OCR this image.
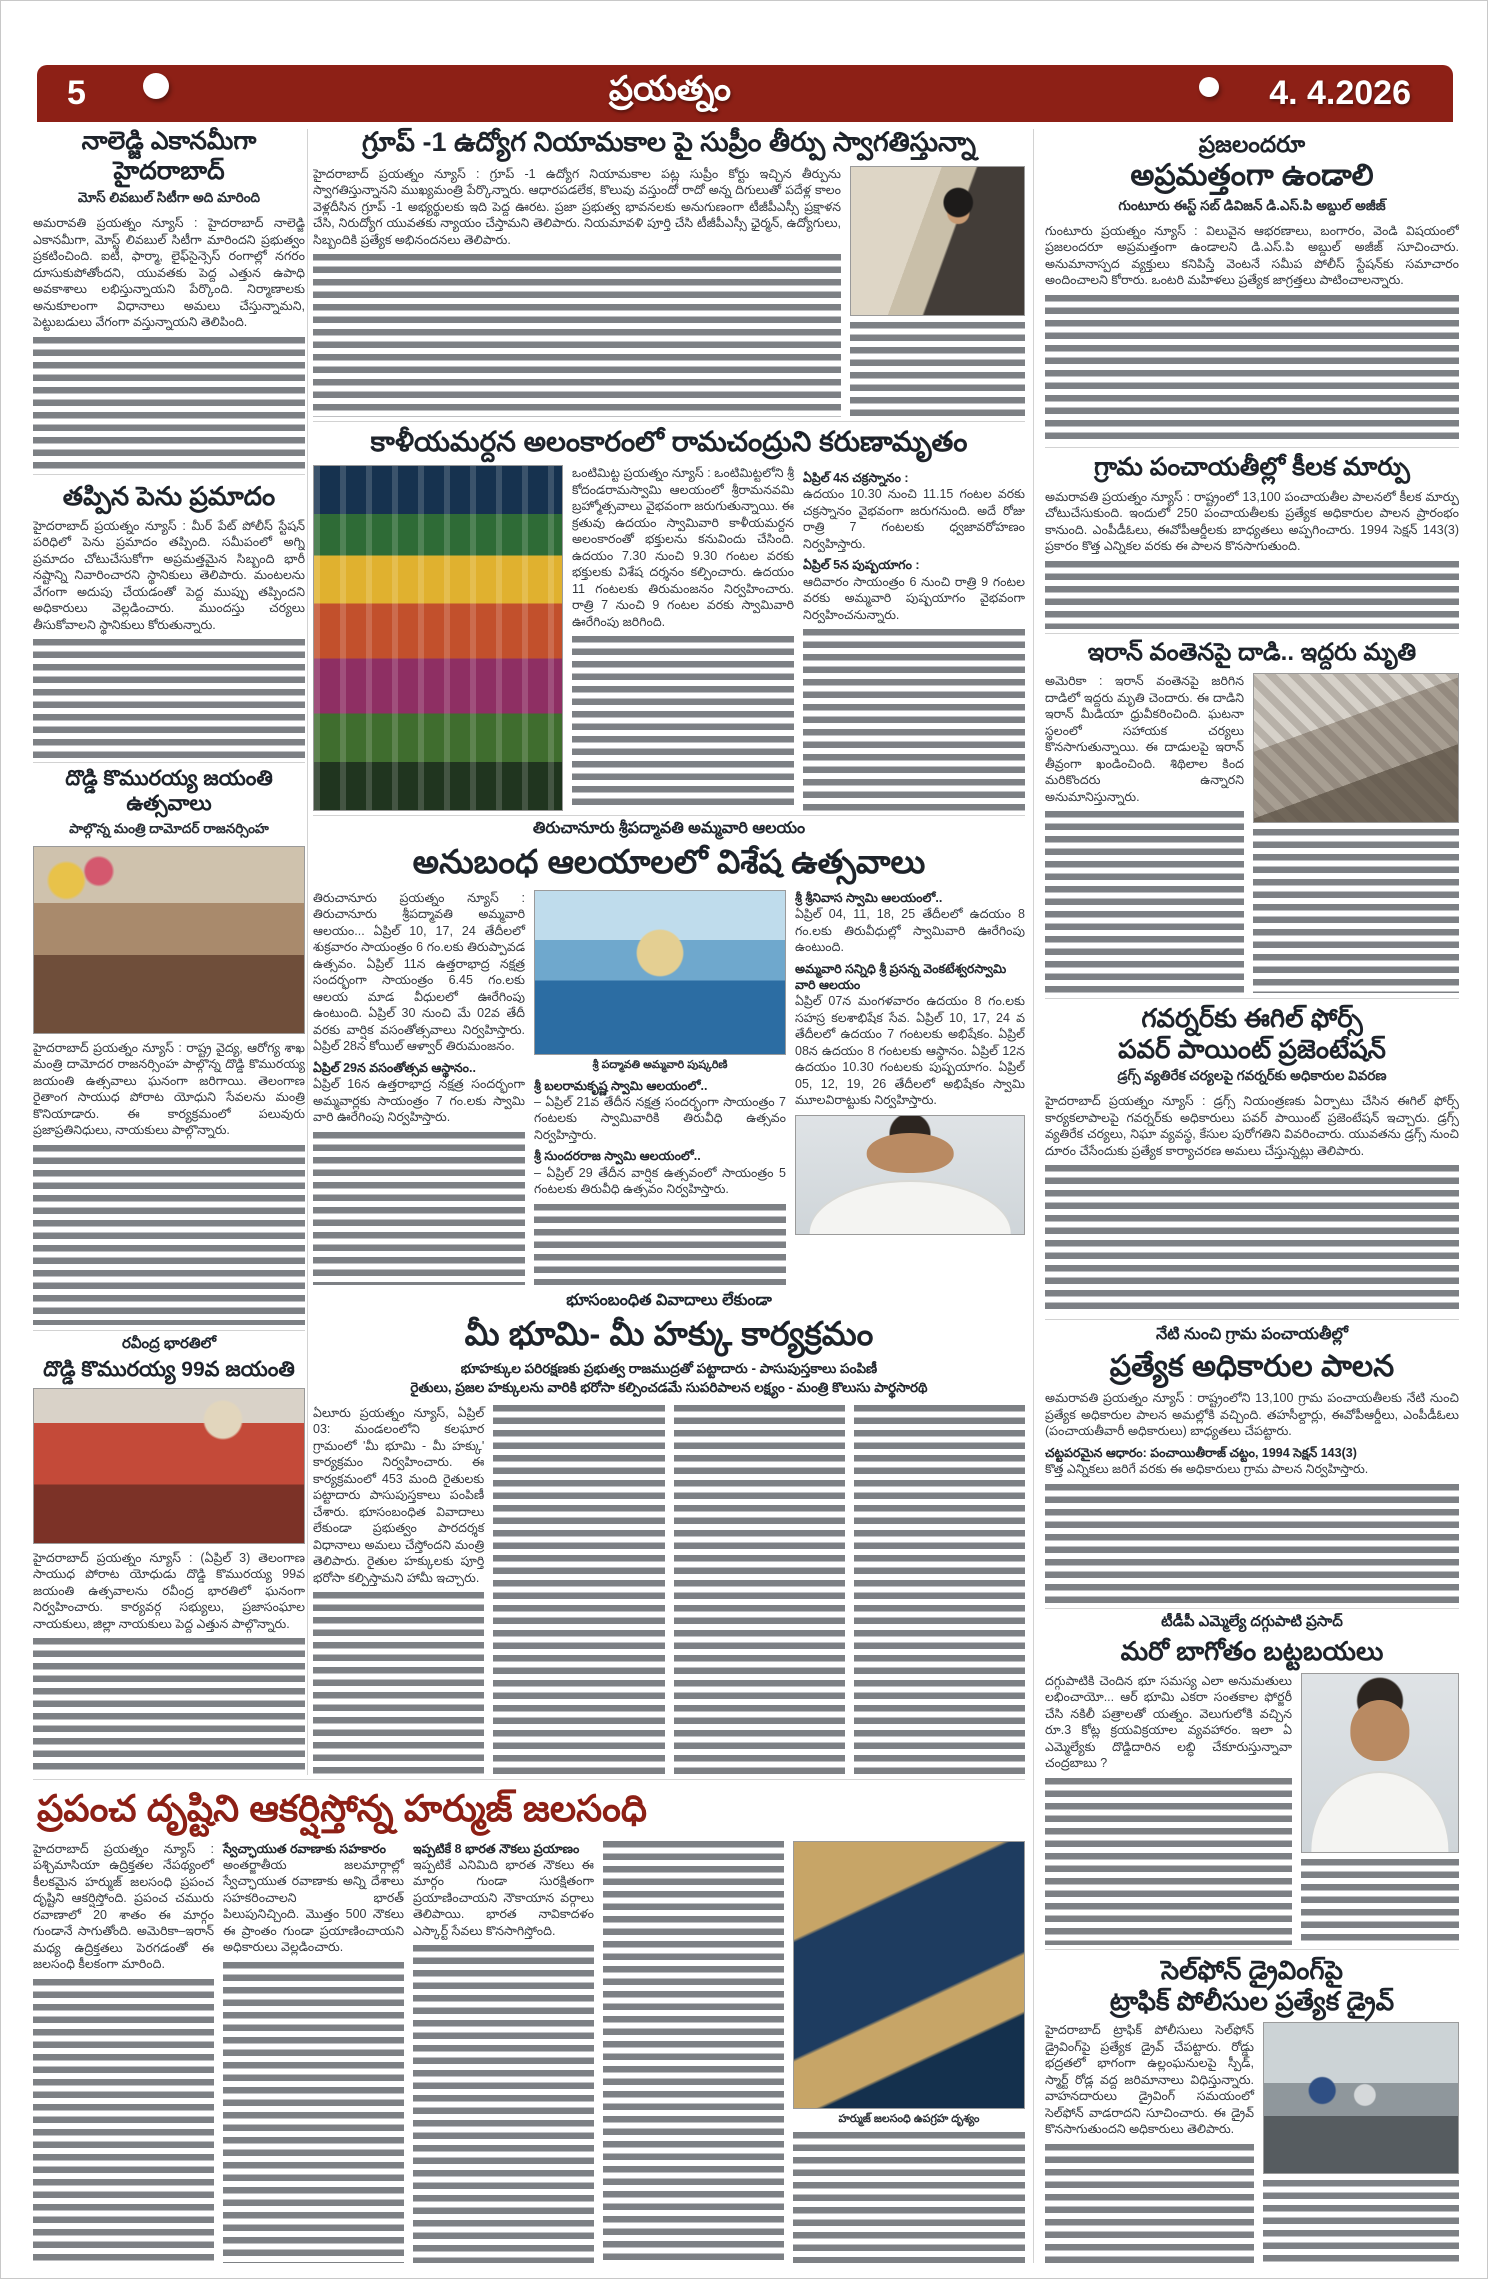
5	ప్రయత్నం	4. 4.2026
నాలెడ్జి ఎకానమీగా హైదరాబాద్
మోస్ లివబుల్ సిటీగా అది మారింది
అమరావతి ప్రయత్నం న్యూస్ : హైదరాబాద్ నాలెడ్జి ఎకానమీగా, మోస్ట్ లివబుల్ సిటీగా మారిందని ప్రభుత్వం ప్రకటించింది. ఐటీ, ఫార్మా, లైఫ్‌సైన్సెస్ రంగాల్లో నగరం దూసుకుపోతోందని, యువతకు పెద్ద ఎత్తున ఉపాధి అవకాశాలు లభిస్తున్నాయని పేర్కొంది. నిర్మాణాలకు అనుకూలంగా విధానాలు అమలు చేస్తున్నామని, పెట్టుబడులు వేగంగా వస్తున్నాయని తెలిపింది.
తప్పిన పెను ప్రమాదం
హైదరాబాద్ ప్రయత్నం న్యూస్ : మీర్ పేట్ పోలీస్ స్టేషన్ పరిధిలో పెను ప్రమాదం తప్పింది. సమీపంలో అగ్ని ప్రమాదం చోటుచేసుకోగా అప్రమత్తమైన సిబ్బంది భారీ నష్టాన్ని నివారించారని స్థానికులు తెలిపారు. మంటలను వేగంగా అదుపు చేయడంతో పెద్ద ముప్పు తప్పిందని అధికారులు వెల్లడించారు. ముందస్తు చర్యలు తీసుకోవాలని స్థానికులు కోరుతున్నారు.
దొడ్డి కొమురయ్య జయంతి ఉత్సవాలు
పాల్గొన్న మంత్రి దామోదర్ రాజనర్సింహ
హైదరాబాద్ ప్రయత్నం న్యూస్ : రాష్ట్ర వైద్య, ఆరోగ్య శాఖ మంత్రి దామోదర రాజనర్సింహ పాల్గొన్న దొడ్డి కొమురయ్య జయంతి ఉత్సవాలు ఘనంగా జరిగాయి. తెలంగాణ రైతాంగ సాయుధ పోరాట యోధుని సేవలను మంత్రి కొనియాడారు. ఈ కార్యక్రమంలో పలువురు ప్రజాప్రతినిధులు, నాయకులు పాల్గొన్నారు.
రవీంద్ర భారతిలో
దొడ్డి కొమురయ్య 99వ జయంతి
హైదరాబాద్ ప్రయత్నం న్యూస్ : (ఏప్రిల్ 3) తెలంగాణ సాయుధ పోరాట యోధుడు దొడ్డి కొమురయ్య 99వ జయంతి ఉత్సవాలను రవీంద్ర భారతిలో ఘనంగా నిర్వహించారు. కార్యవర్గ సభ్యులు, ప్రజాసంఘాల నాయకులు, జిల్లా నాయకులు పెద్ద ఎత్తున పాల్గొన్నారు.
గ్రూప్ -1 ఉద్యోగ నియామకాల పై సుప్రీం తీర్పు స్వాగతిస్తున్నా
హైదరాబాద్ ప్రయత్నం న్యూస్ : గ్రూప్ -1 ఉద్యోగ నియామకాల పట్ల సుప్రీం కోర్టు ఇచ్చిన తీర్పును స్వాగతిస్తున్నానని ముఖ్యమంత్రి పేర్కొన్నారు. ఆధారపడలేక, కొలువు వస్తుందో రాదో అన్న దిగులుతో పదేళ్ల కాలం వెళ్లదీసిన గ్రూప్ -1 అభ్యర్థులకు ఇది పెద్ద ఊరట. ప్రజా ప్రభుత్వ భావనలకు అనుగుణంగా టీజీపీఎస్సీ ప్రక్షాళన చేసి, నిరుద్యోగ యువతకు న్యాయం చేస్తామని తెలిపారు. నియమావళి పూర్తి చేసి టీజీపీఎస్సీ ఛైర్మన్, ఉద్యోగులు, సిబ్బందికి ప్రత్యేక అభినందనలు తెలిపారు.
కాళీయమర్దన అలంకారంలో రామచంద్రుని కరుణామృతం
ఒంటిమిట్ట ప్రయత్నం న్యూస్ : ఒంటిమిట్టలోని శ్రీ కోదండరామస్వామి ఆలయంలో శ్రీరామనవమి బ్రహ్మోత్సవాలు వైభవంగా జరుగుతున్నాయి. ఈ క్రతువు ఉదయం స్వామివారి కాళీయమర్దన అలంకారంతో భక్తులను కనువిందు చేసింది. ఉదయం 7.30 నుంచి 9.30 గంటల వరకు భక్తులకు విశేష దర్శనం కల్పించారు. ఉదయం 11 గంటలకు తిరుమంజనం నిర్వహించారు. రాత్రి 7 నుంచి 9 గంటల వరకు స్వామివారి ఊరేగింపు జరిగింది.
ఏప్రిల్ 4న చక్రస్నానం :
ఉదయం 10.30 నుంచి 11.15 గంటల వరకు చక్రస్నానం వైభవంగా జరుగనుంది. అదే రోజు రాత్రి 7 గంటలకు ధ్వజావరోహణం నిర్వహిస్తారు.
ఏప్రిల్ 5న పుష్పయాగం :
ఆదివారం సాయంత్రం 6 నుంచి రాత్రి 9 గంటల వరకు అమ్మవారి పుష్పయాగం వైభవంగా నిర్వహించనున్నారు.
తిరుచానూరు శ్రీపద్మావతి అమ్మవారి ఆలయం
అనుబంధ ఆలయాలలో విశేష ఉత్సవాలు
తిరుచానూరు ప్రయత్నం న్యూస్ : తిరుచానూరు శ్రీపద్మావతి అమ్మవారి ఆలయం... ఏప్రిల్ 10, 17, 24 తేదీలలో శుక్రవారం సాయంత్రం 6 గం.లకు తిరుప్పావడ ఉత్సవం. ఏప్రిల్ 11న ఉత్తరాభాద్ర నక్షత్ర సందర్భంగా సాయంత్రం 6.45 గం.లకు ఆలయ మాడ వీధులలో ఊరేగింపు ఉంటుంది. ఏప్రిల్ 30 నుంచి మే 02వ తేదీ వరకు వార్షిక వసంతోత్సవాలు నిర్వహిస్తారు. ఏప్రిల్ 28న కోయిల్ ఆళ్వార్ తిరుమంజనం.
ఏప్రిల్ 29న వసంతోత్సవ ఆస్థానం..
ఏప్రిల్ 16న ఉత్తరాభాద్ర నక్షత్ర సందర్భంగా అమ్మవార్లకు సాయంత్రం 7 గం.లకు స్వామి వారి ఊరేగింపు నిర్వహిస్తారు.
శ్రీ పద్మావతి అమ్మవారి పుష్కరిణి
శ్రీ బలరామకృష్ణ స్వామి ఆలయంలో..
– ఏప్రిల్ 21వ తేదీన నక్షత్ర సందర్భంగా సాయంత్రం 7 గంటలకు స్వామివారికి తిరువీధి ఉత్సవం నిర్వహిస్తారు.
శ్రీ సుందరరాజ స్వామి ఆలయంలో..
– ఏప్రిల్ 29 తేదీన వార్షిక ఉత్సవంలో సాయంత్రం 5 గంటలకు తిరువీధి ఉత్సవం నిర్వహిస్తారు.
శ్రీ శ్రీనివాస స్వామి ఆలయంలో..
ఏప్రిల్ 04, 11, 18, 25 తేదీలలో ఉదయం 8 గం.లకు తిరువీధుల్లో స్వామివారి ఊరేగింపు ఉంటుంది.
అమ్మవారి సన్నిధి శ్రీ ప్రసన్న వెంకటేశ్వరస్వామి వారి ఆలయం
ఏప్రిల్ 07న మంగళవారం ఉదయం 8 గం.లకు సహస్ర కలశాభిషేక సేవ. ఏప్రిల్ 10, 17, 24 వ తేదీలలో ఉదయం 7 గంటలకు అభిషేకం. ఏప్రిల్ 08న ఉదయం 8 గంటలకు ఆస్థానం. ఏప్రిల్ 12న ఉదయం 10.30 గంటలకు పుష్పయాగం. ఏప్రిల్ 05, 12, 19, 26 తేదీలలో అభిషేకం స్వామి మూలవిరాట్టుకు నిర్వహిస్తారు.
భూసంబంధిత వివాదాలు లేకుండా
మీ భూమి- మీ హక్కు కార్యక్రమం
భూహక్కుల పరిరక్షణకు ప్రభుత్వ రాజముద్రతో పట్టాదారు - పాసుపుస్తకాలు పంపిణీ
రైతులు, ప్రజల హక్కులను వారికి భరోసా కల్పించడమే సుపరిపాలన లక్ష్యం - మంత్రి కొలుసు పార్థసారథి
ఏలూరు ప్రయత్నం న్యూస్, ఏప్రిల్ 03: మండలంలోని కలఘార గ్రామంలో 'మీ భూమి - మీ హక్కు' కార్యక్రమం నిర్వహించారు. ఈ కార్యక్రమంలో 453 మంది రైతులకు పట్టాదారు పాసుపుస్తకాలు పంపిణీ చేశారు. భూసంబంధిత వివాదాలు లేకుండా ప్రభుత్వం పారదర్శక విధానాలు అమలు చేస్తోందని మంత్రి తెలిపారు. రైతుల హక్కులకు పూర్తి భరోసా కల్పిస్తామని హామీ ఇచ్చారు.
ప్రపంచ దృష్టిని ఆకర్షిస్తోన్న హర్ముజ్ జలసంధి
హైదరాబాద్ ప్రయత్నం న్యూస్ : పశ్చిమాసియా ఉద్రిక్తతల నేపథ్యంలో కీలకమైన హర్ముజ్ జలసంధి ప్రపంచ దృష్టిని ఆకర్షిస్తోంది. ప్రపంచ చమురు రవాణాలో 20 శాతం ఈ మార్గం గుండానే సాగుతోంది. అమెరికా–ఇరాన్ మధ్య ఉద్రిక్తతలు పెరగడంతో ఈ జలసంధి కీలకంగా మారింది.
స్వేచ్ఛాయుత రవాణాకు సహకారం
అంతర్జాతీయ జలమార్గాల్లో స్వేచ్ఛాయుత రవాణాకు అన్ని దేశాలు సహకరించాలని భారత్ పిలుపునిచ్చింది. మొత్తం 500 నౌకలు ఈ ప్రాంతం గుండా ప్రయాణించాయని అధికారులు వెల్లడించారు.
ఇప్పటికే 8 భారత నౌకలు ప్రయాణం
ఇప్పటికే ఎనిమిది భారత నౌకలు ఈ మార్గం గుండా సురక్షితంగా ప్రయాణించాయని నౌకాయాన వర్గాలు తెలిపాయి. భారత నావికాదళం ఎస్కార్ట్ సేవలు కొనసాగిస్తోంది.
హర్ముజ్ జలసంధి ఉపగ్రహ దృశ్యం
ప్రజలందరూ
అప్రమత్తంగా ఉండాలి
గుంటూరు ఈస్ట్ సబ్ డివిజన్ డి.ఎస్.పి అబ్దుల్ అజీజ్
గుంటూరు ప్రయత్నం న్యూస్ : విలువైన ఆభరణాలు, బంగారం, వెండి విషయంలో ప్రజలందరూ అప్రమత్తంగా ఉండాలని డి.ఎస్.పి అబ్దుల్ అజీజ్ సూచించారు. అనుమానాస్పద వ్యక్తులు కనిపిస్తే వెంటనే సమీప పోలీస్ స్టేషన్‌కు సమాచారం అందించాలని కోరారు. ఒంటరి మహిళలు ప్రత్యేక జాగ్రత్తలు పాటించాలన్నారు.
గ్రామ పంచాయతీల్లో కీలక మార్పు
అమరావతి ప్రయత్నం న్యూస్ : రాష్ట్రంలో 13,100 పంచాయతీల పాలనలో కీలక మార్పు చోటుచేసుకుంది. ఇందులో 250 పంచాయతీలకు ప్రత్యేక అధికారుల పాలన ప్రారంభం కానుంది. ఎంపీడీఓలు, ఈవోపీఆర్డీలకు బాధ్యతలు అప్పగించారు. 1994 సెక్షన్ 143(3) ప్రకారం కొత్త ఎన్నికల వరకు ఈ పాలన కొనసాగుతుంది.
ఇరాన్ వంతెనపై దాడి.. ఇద్దరు మృతి
అమెరికా : ఇరాన్ వంతెనపై జరిగిన దాడిలో ఇద్దరు మృతి చెందారు. ఈ దాడిని ఇరాన్ మీడియా ధ్రువీకరించింది. ఘటనా స్థలంలో సహాయక చర్యలు కొనసాగుతున్నాయి. ఈ దాడులపై ఇరాన్ తీవ్రంగా ఖండించింది. శిథిలాల కింద మరికొందరు ఉన్నారని అనుమానిస్తున్నారు.
గవర్నర్‌కు ఈగిల్ ఫోర్స్
పవర్ పాయింట్ ప్రజెంటేషన్
డ్రగ్స్ వ్యతిరేక చర్యలపై గవర్నర్‌కు అధికారుల వివరణ
హైదరాబాద్ ప్రయత్నం న్యూస్ : డ్రగ్స్ నియంత్రణకు ఏర్పాటు చేసిన ఈగిల్ ఫోర్స్ కార్యకలాపాలపై గవర్నర్‌కు అధికారులు పవర్ పాయింట్ ప్రజెంటేషన్ ఇచ్చారు. డ్రగ్స్ వ్యతిరేక చర్యలు, నిఘా వ్యవస్థ, కేసుల పురోగతిని వివరించారు. యువతను డ్రగ్స్ నుంచి దూరం చేసేందుకు ప్రత్యేక కార్యాచరణ అమలు చేస్తున్నట్లు తెలిపారు.
నేటి నుంచి గ్రామ పంచాయతీల్లో
ప్రత్యేక అధికారుల పాలన
అమరావతి ప్రయత్నం న్యూస్ : రాష్ట్రంలోని 13,100 గ్రామ పంచాయతీలకు నేటి నుంచి ప్రత్యేక అధికారుల పాలన అమల్లోకి వచ్చింది. తహసీల్దార్లు, ఈవోపీఆర్డీలు, ఎంపీడీఓలు (పంచాయతీవారీ అధికారులు) బాధ్యతలు చేపట్టారు.
చట్టపరమైన ఆధారం: పంచాయితీరాజ్ చట్టం, 1994 సెక్షన్ 143(3)
కొత్త ఎన్నికలు జరిగే వరకు ఈ అధికారులు గ్రామ పాలన నిర్వహిస్తారు.
టీడీపీ ఎమ్మెల్యే దగ్గుపాటి ప్రసాద్
మరో బాగోతం బట్టబయలు
దగ్గుపాటికి చెందిన భూ సమస్య ఎలా అనుమతులు లభించాయో... ఆర్ భూమి ఎకరా సంతకాల ఫోర్జరీ చేసి నకిలీ పత్రాలతో యత్నం. వెలుగులోకి వచ్చిన రూ.3 కోట్ల క్రయవిక్రయాల వ్యవహారం. ఇలా ఏ ఎమ్మెల్యేకు దొడ్డిదారిన లబ్ధి చేకూరుస్తున్నావా చంద్రబాబు ?
సెల్‌ఫోన్ డ్రైవింగ్‌పై
ట్రాఫిక్ పోలీసుల ప్రత్యేక డ్రైవ్
హైదరాబాద్ ట్రాఫిక్ పోలీసులు సెల్‌ఫోన్ డ్రైవింగ్‌పై ప్రత్యేక డ్రైవ్ చేపట్టారు. రోడ్డు భద్రతలో భాగంగా ఉల్లంఘనులపై స్పీడ్, స్మార్ట్ రోడ్ల వద్ద జరిమానాలు విధిస్తున్నారు. వాహనదారులు డ్రైవింగ్ సమయంలో సెల్‌ఫోన్ వాడరాదని సూచించారు. ఈ డ్రైవ్ కొనసాగుతుందని అధికారులు తెలిపారు.
